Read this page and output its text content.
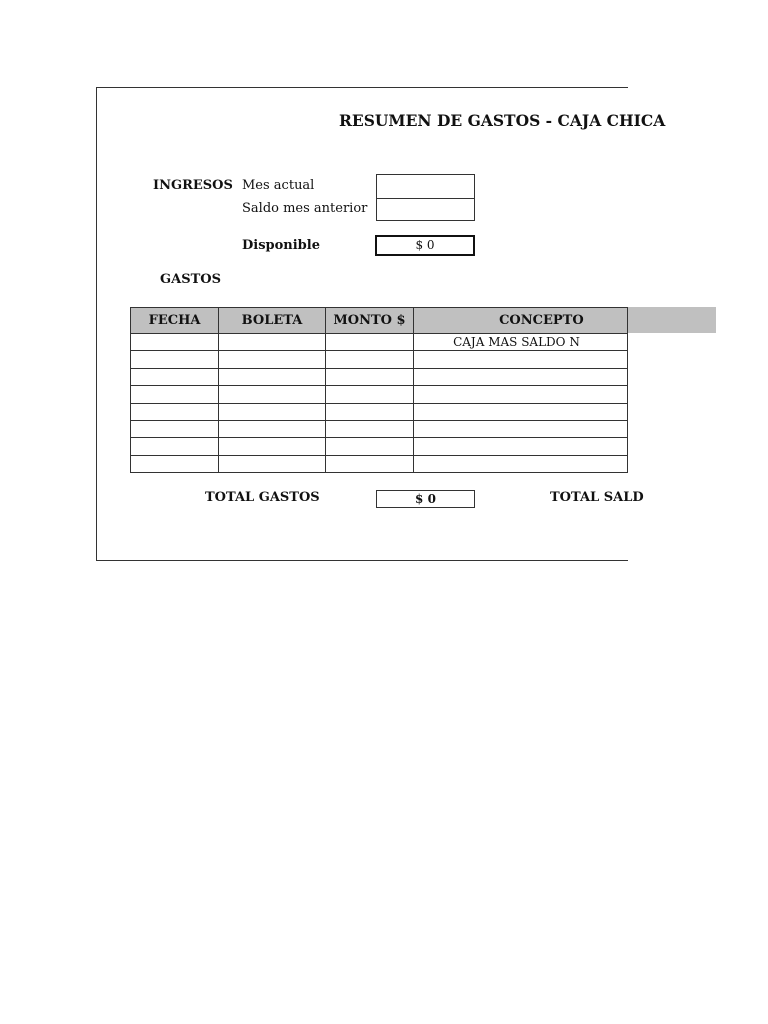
RESUMEN DE GASTOS - CAJA CHICA
INGRESOS Mes actual
Saldo mes anterior
Disponible	$ 0
GASTOS
FECHA	BOLETA	MONTO $	CONCEPTO
			CAJA MAS SALDO N

TOTAL GASTOS	$ 0	TOTAL SALD
